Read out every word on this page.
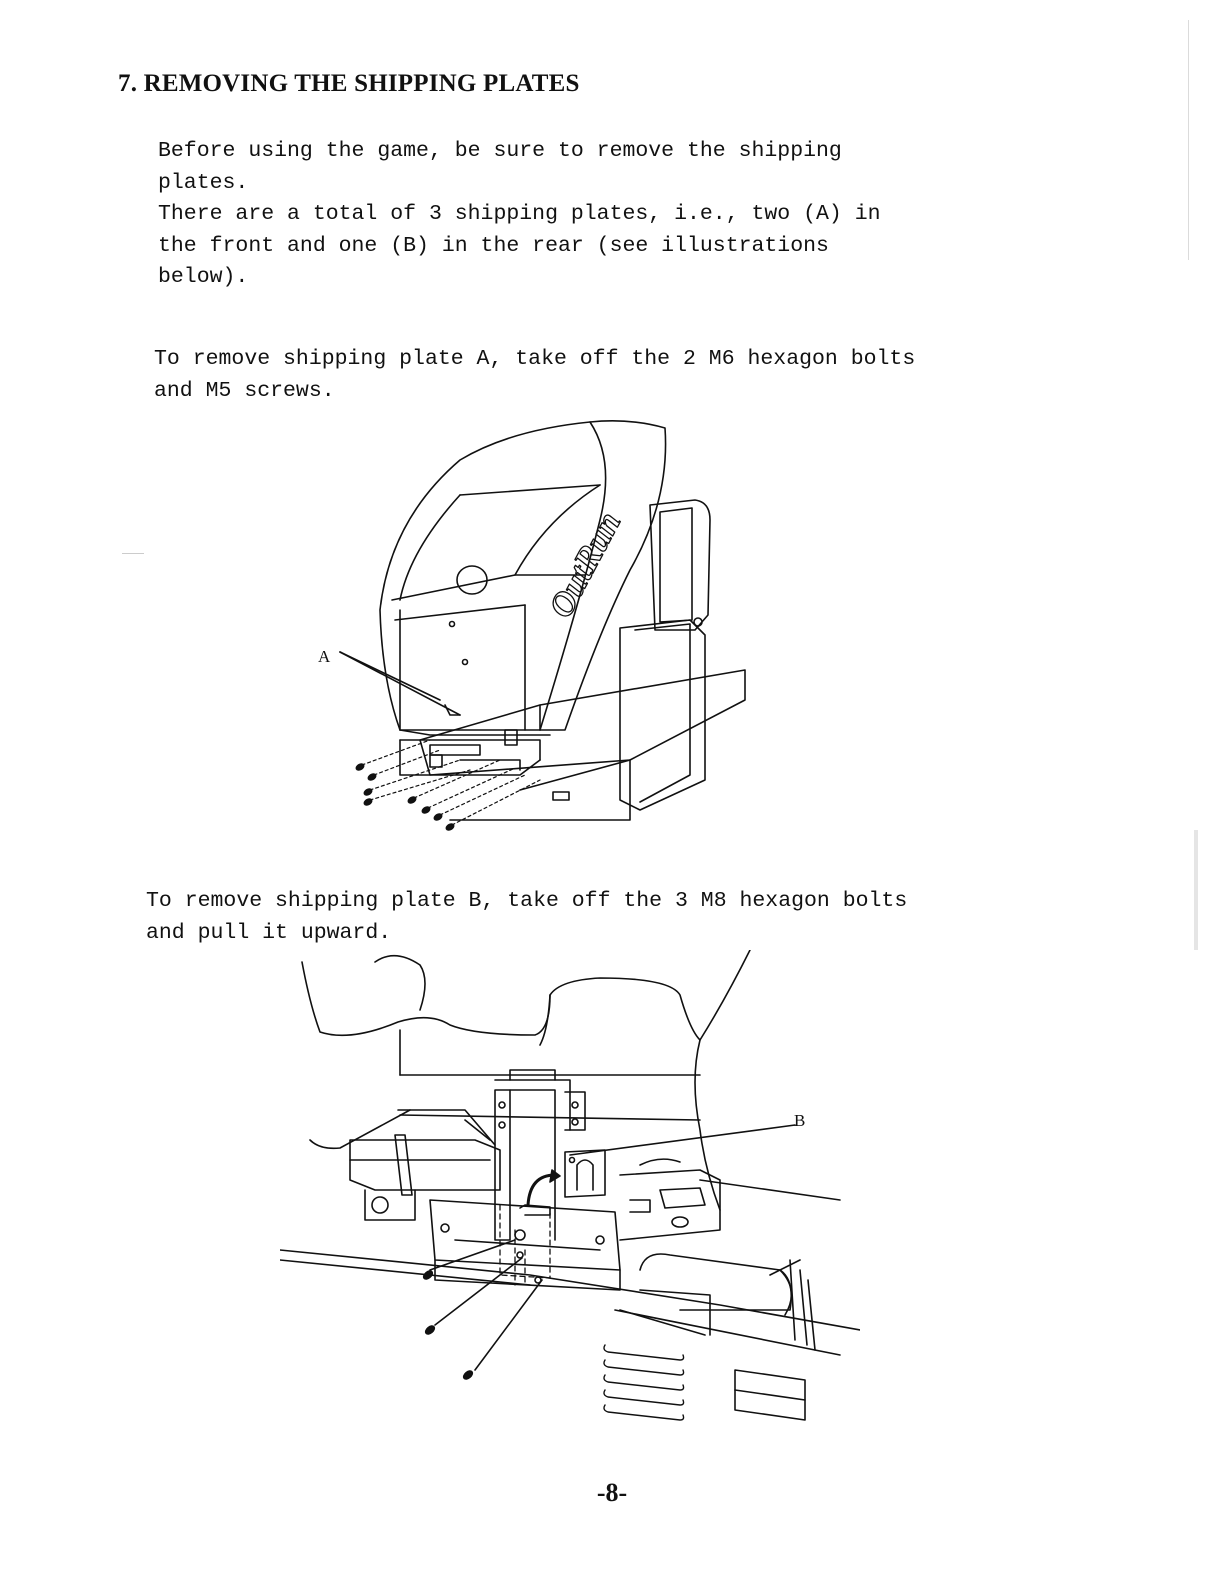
7. REMOVING THE SHIPPING PLATES

Before using the game, be sure to remove the shipping
plates.
There are a total of 3 shipping plates, i.e., two (A) in
the front and one (B) in the rear (see illustrations
below).

To remove shipping plate A, take off the 2 M6 hexagon bolts
and M5 screws.

OutRun
A

To remove shipping plate B, take off the 3 M8 hexagon bolts
and pull it upward.

B
-8-
